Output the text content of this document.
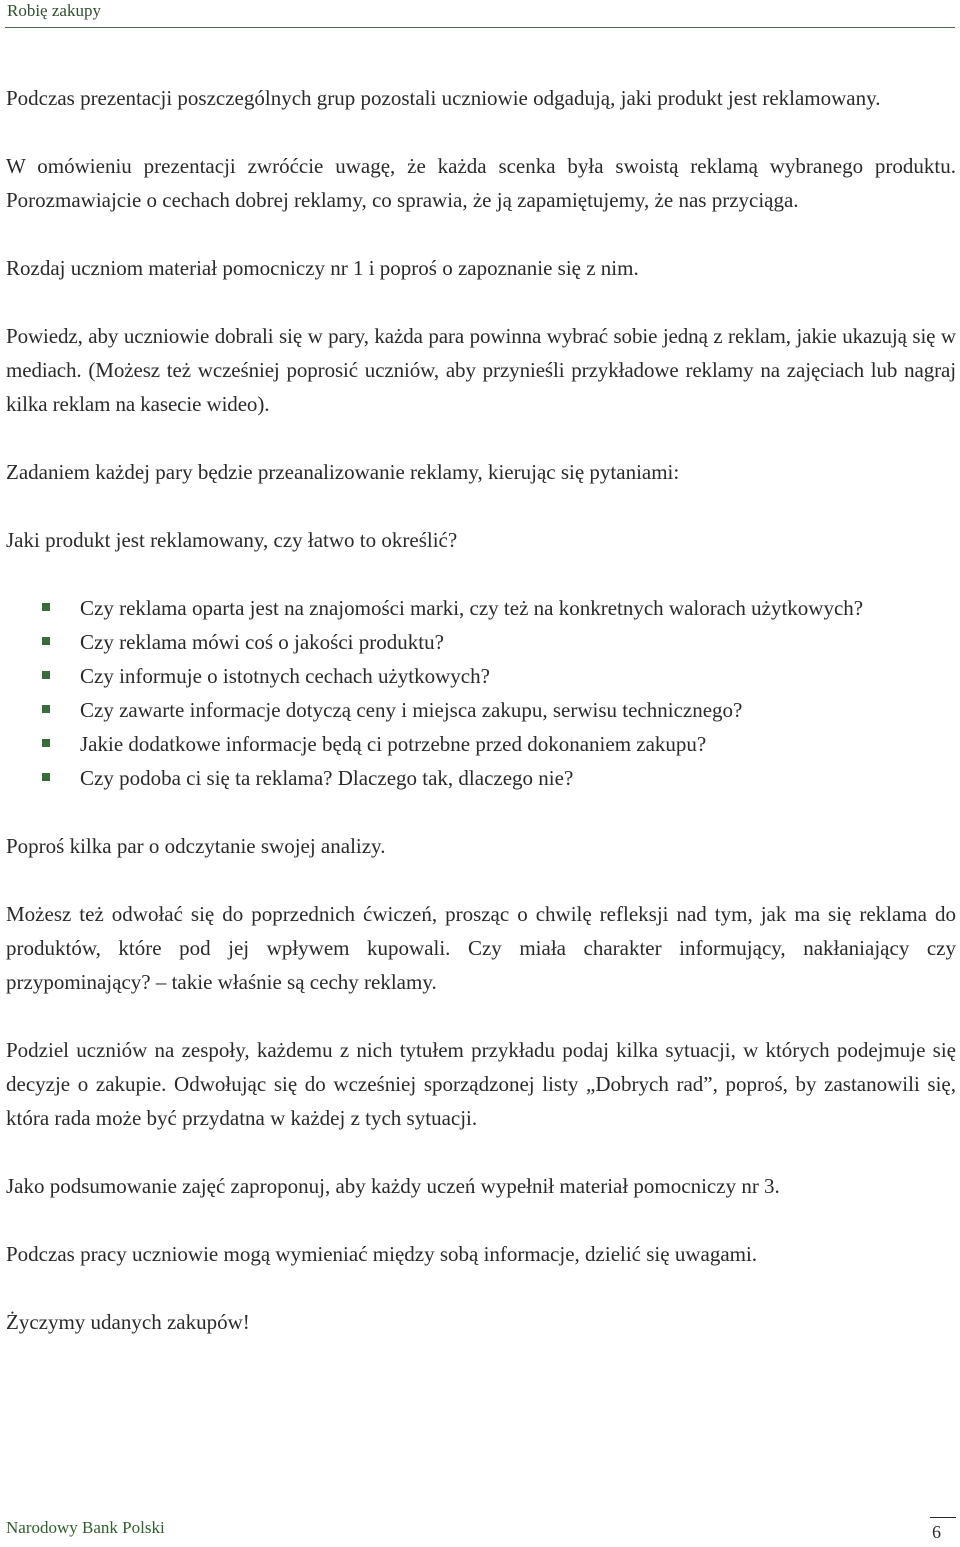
Robię zakupy

Podczas prezentacji poszczególnych grup pozostali uczniowie odgadują, jaki produkt jest reklamowany.

W omówieniu prezentacji zwróćcie uwagę, że każda scenka była swoistą reklamą wybranego produktu. Porozmawiajcie o cechach dobrej reklamy, co sprawia, że ją zapamiętujemy, że nas przyciąga.

Rozdaj uczniom materiał pomocniczy nr 1 i poproś o zapoznanie się z nim.

Powiedz, aby uczniowie dobrali się w pary, każda para powinna wybrać sobie jedną z reklam, jakie ukazują się w mediach. (Możesz też wcześniej poprosić uczniów, aby przynieśli przykładowe reklamy na zajęciach lub nagraj kilka reklam na kasecie wideo).

Zadaniem każdej pary będzie przeanalizowanie reklamy, kierując się pytaniami:

Jaki produkt jest reklamowany, czy łatwo to określić?

Czy reklama oparta jest na znajomości marki, czy też na konkretnych walorach użytkowych?
Czy reklama mówi coś o jakości produktu?
Czy informuje o istotnych cechach użytkowych?
Czy zawarte informacje dotyczą ceny i miejsca zakupu, serwisu technicznego?
Jakie dodatkowe informacje będą ci potrzebne przed dokonaniem zakupu?
Czy podoba ci się ta reklama? Dlaczego tak, dlaczego nie?

Poproś kilka par o odczytanie swojej analizy.

Możesz też odwołać się do poprzednich ćwiczeń, prosząc o chwilę refleksji nad tym, jak ma się reklama do produktów, które pod jej wpływem kupowali. Czy miała charakter informujący, nakłaniający czy przypominający? – takie właśnie są cechy reklamy.

Podziel uczniów na zespoły, każdemu z nich tytułem przykładu podaj kilka sytuacji, w których podejmuje się decyzje o zakupie. Odwołując się do wcześniej sporządzonej listy „Dobrych rad”, poproś, by zastanowili się, która rada może być przydatna w każdej z tych sytuacji.

Jako podsumowanie zajęć zaproponuj, aby każdy uczeń wypełnił materiał pomocniczy nr 3.

Podczas pracy uczniowie mogą wymieniać między sobą informacje, dzielić się uwagami.

Życzymy udanych zakupów!

Narodowy Bank Polski	6
